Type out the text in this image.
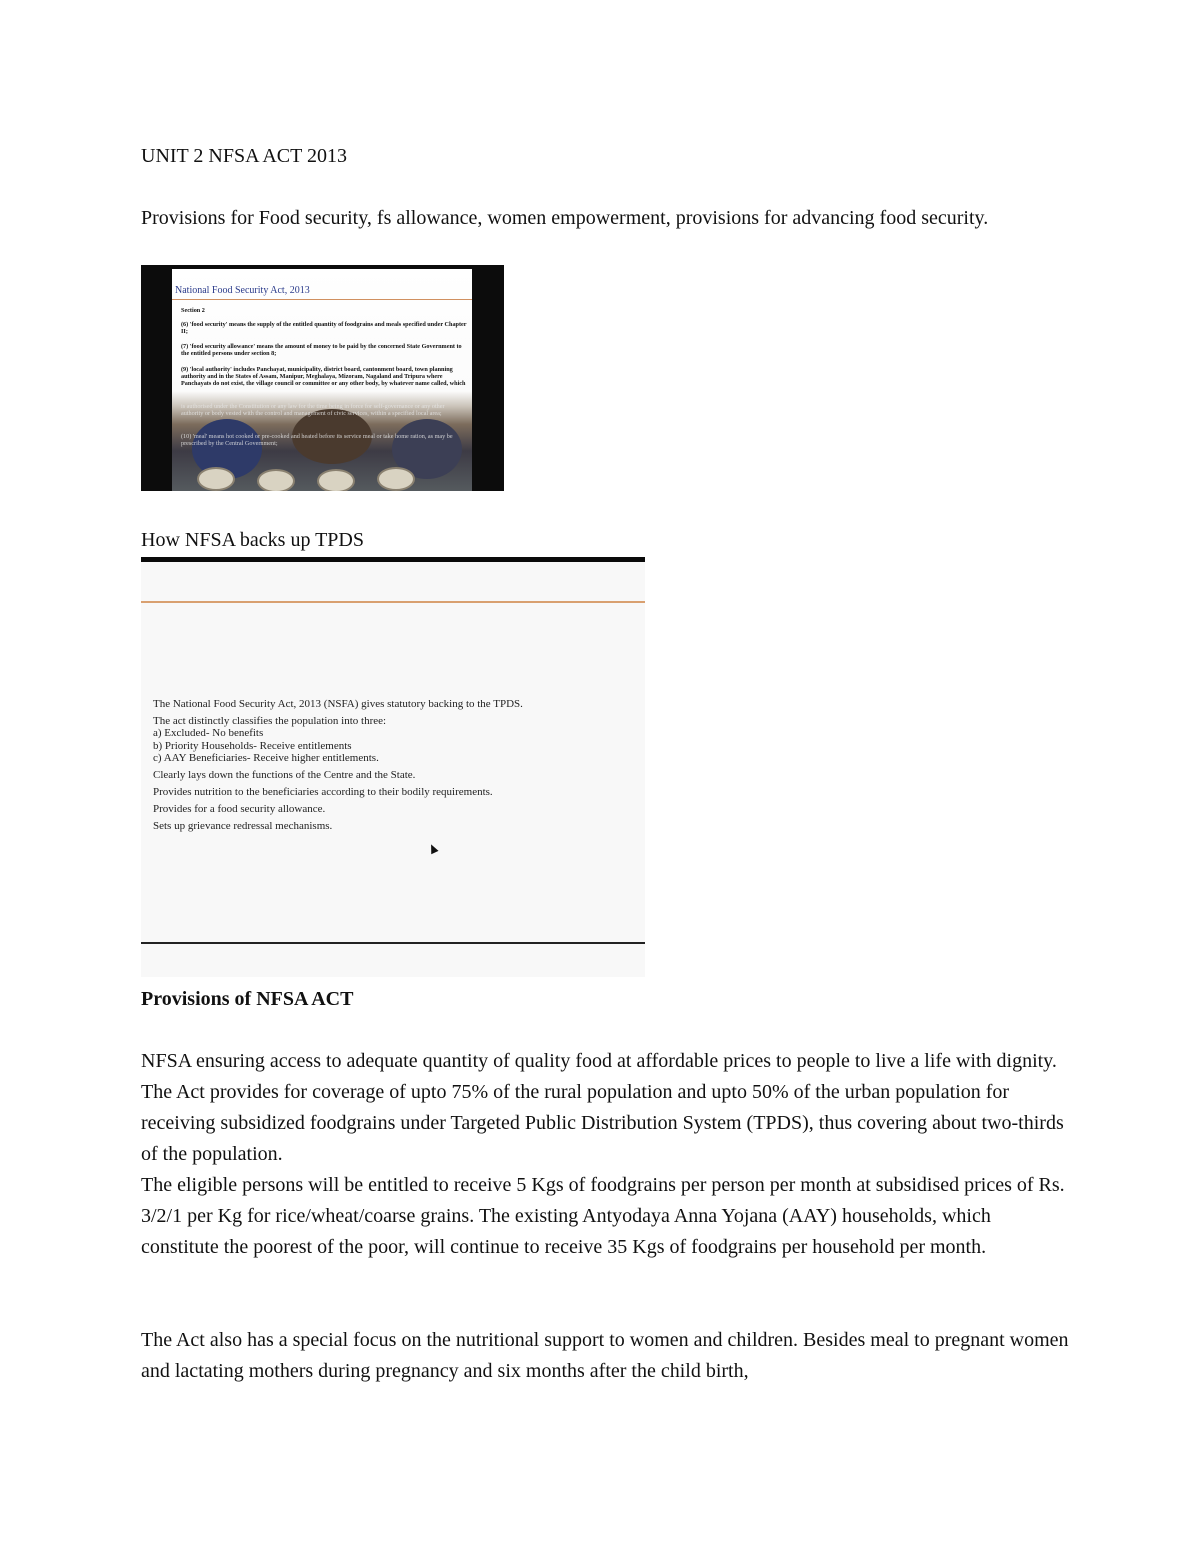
UNIT 2 NFSA ACT 2013

Provisions for Food security, fs allowance, women empowerment, provisions for advancing food security.

National Food Security Act, 2013

Section 2

(6) 'food security' means the supply of the entitled quantity of foodgrains and meals specified under Chapter II;

(7) 'food security allowance' means the amount of money to be paid by the concerned State Government to the entitled persons under section 8;

(9) 'local authority' includes Panchayat, municipality, district board, cantonment board, town planning authority and in the States of Assam, Manipur, Meghalaya, Mizoram, Nagaland and Tripura where Panchayats do not exist, the village council or committee or any other body, by whatever name called, which

is authorised under the Constitution or any law for the time being in force for self-governance or any other authority or body vested with the control and management of civic services, within a specified local area;

(10) 'meal' means hot cooked or pre-cooked and heated before its service meal or take home ration, as may be prescribed by the Central Government;

How NFSA backs up TPDS

The National Food Security Act, 2013 (NSFA) gives statutory backing to the TPDS.

The act distinctly classifies the population into three:

a) Excluded- No benefits

b) Priority Households- Receive entitlements

c) AAY Beneficiaries- Receive higher entitlements.

Clearly lays down the functions of the Centre and the State.

Provides nutrition to the beneficiaries according to their bodily requirements.

Provides for a food security allowance.

Sets up grievance redressal mechanisms.

Provisions of NFSA ACT

NFSA ensuring access to adequate quantity of quality food at affordable prices to people to live a life with dignity. The Act provides for coverage of upto 75% of the rural population and upto 50% of the urban population for receiving subsidized foodgrains under Targeted Public Distribution System (TPDS), thus covering about two-thirds of the population.

The eligible persons will be entitled to receive 5 Kgs of foodgrains per person per month at subsidised prices of Rs. 3/2/1 per Kg for rice/wheat/coarse grains. The existing Antyodaya Anna Yojana (AAY) households, which constitute the poorest of the poor, will continue to receive 35 Kgs of foodgrains per household per month.

The Act also has a special focus on the nutritional support to women and children. Besides meal to pregnant women and lactating mothers during pregnancy and six months after the child birth,
